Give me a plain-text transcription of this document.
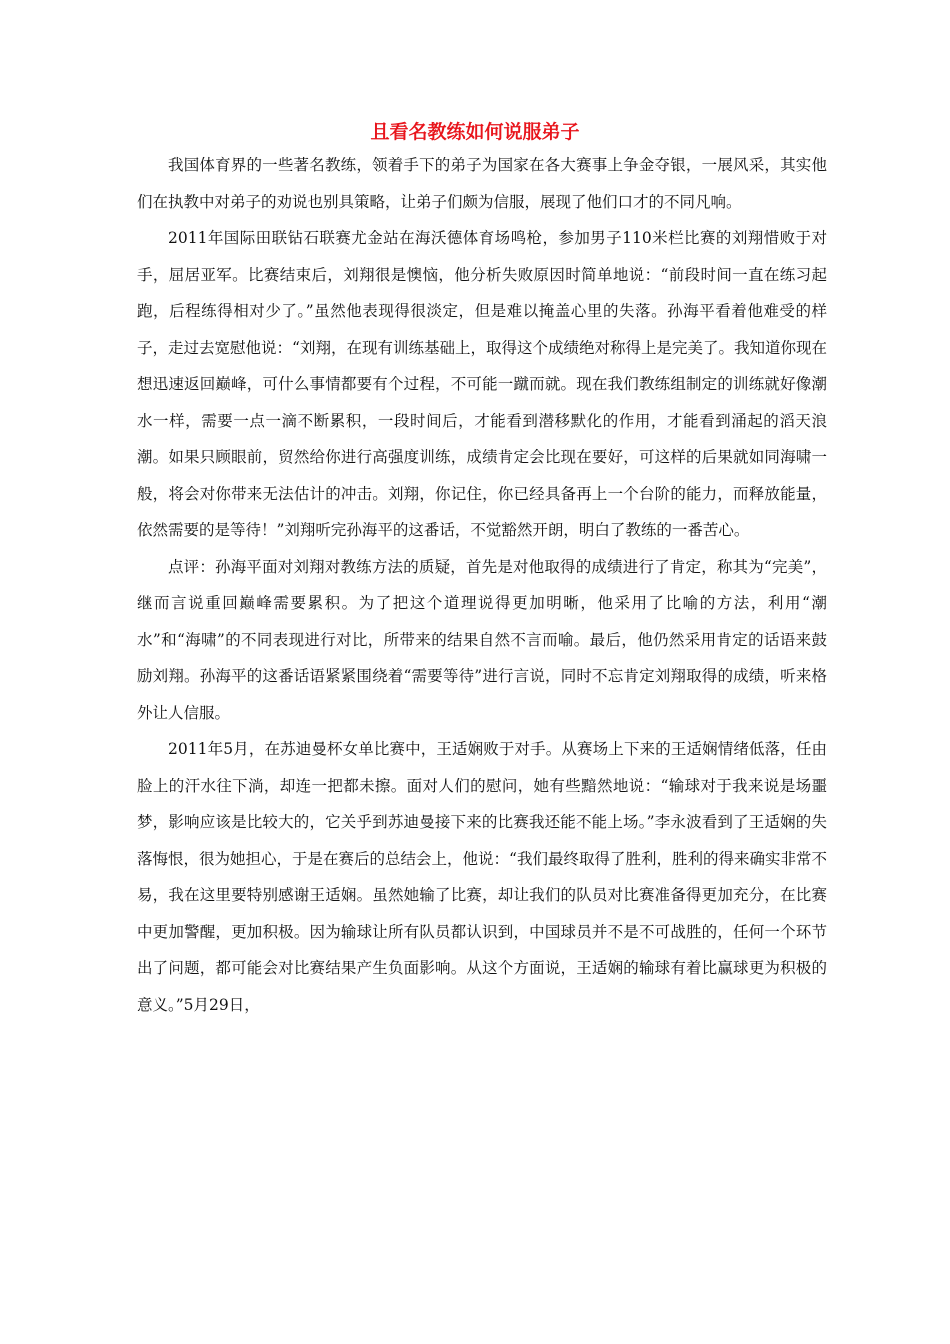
且看名教练如何说服弟子

我国体育界的一些著名教练，领着手下的弟子为国家在各大赛事上争金夺银，一展风采，其实他们在执教中对弟子的劝说也别具策略，让弟子们颇为信服，展现了他们口才的不同凡响。

2011年国际田联钻石联赛尤金站在海沃德体育场鸣枪，参加男子110米栏比赛的刘翔惜败于对手，屈居亚军。比赛结束后，刘翔很是懊恼，他分析失败原因时简单地说：“前段时间一直在练习起跑，后程练得相对少了。”虽然他表现得很淡定，但是难以掩盖心里的失落。孙海平看着他难受的样子，走过去宽慰他说：“刘翔，在现有训练基础上，取得这个成绩绝对称得上是完美了。我知道你现在想迅速返回巅峰，可什么事情都要有个过程，不可能一蹴而就。现在我们教练组制定的训练就好像潮水一样，需要一点一滴不断累积，一段时间后，才能看到潜移默化的作用，才能看到涌起的滔天浪潮。如果只顾眼前，贸然给你进行高强度训练，成绩肯定会比现在要好，可这样的后果就如同海啸一般，将会对你带来无法估计的冲击。刘翔，你记住，你已经具备再上一个台阶的能力，而释放能量，依然需要的是等待！”刘翔听完孙海平的这番话，不觉豁然开朗，明白了教练的一番苦心。

点评：孙海平面对刘翔对教练方法的质疑，首先是对他取得的成绩进行了肯定，称其为“完美”，继而言说重回巅峰需要累积。为了把这个道理说得更加明晰，他采用了比喻的方法，利用“潮水”和“海啸”的不同表现进行对比，所带来的结果自然不言而喻。最后，他仍然采用肯定的话语来鼓励刘翔。孙海平的这番话语紧紧围绕着“需要等待”进行言说，同时不忘肯定刘翔取得的成绩，听来格外让人信服。

2011年5月，在苏迪曼杯女单比赛中，王适娴败于对手。从赛场上下来的王适娴情绪低落，任由脸上的汗水往下淌，却连一把都未擦。面对人们的慰问，她有些黯然地说：“输球对于我来说是场噩梦，影响应该是比较大的，它关乎到苏迪曼接下来的比赛我还能不能上场。”李永波看到了王适娴的失落悔恨，很为她担心，于是在赛后的总结会上，他说：“我们最终取得了胜利，胜利的得来确实非常不易，我在这里要特别感谢王适娴。虽然她输了比赛，却让我们的队员对比赛准备得更加充分，在比赛中更加警醒，更加积极。因为输球让所有队员都认识到，中国球员并不是不可战胜的，任何一个环节出了问题，都可能会对比赛结果产生负面影响。从这个方面说，王适娴的输球有着比赢球更为积极的意义。”5月29日，
